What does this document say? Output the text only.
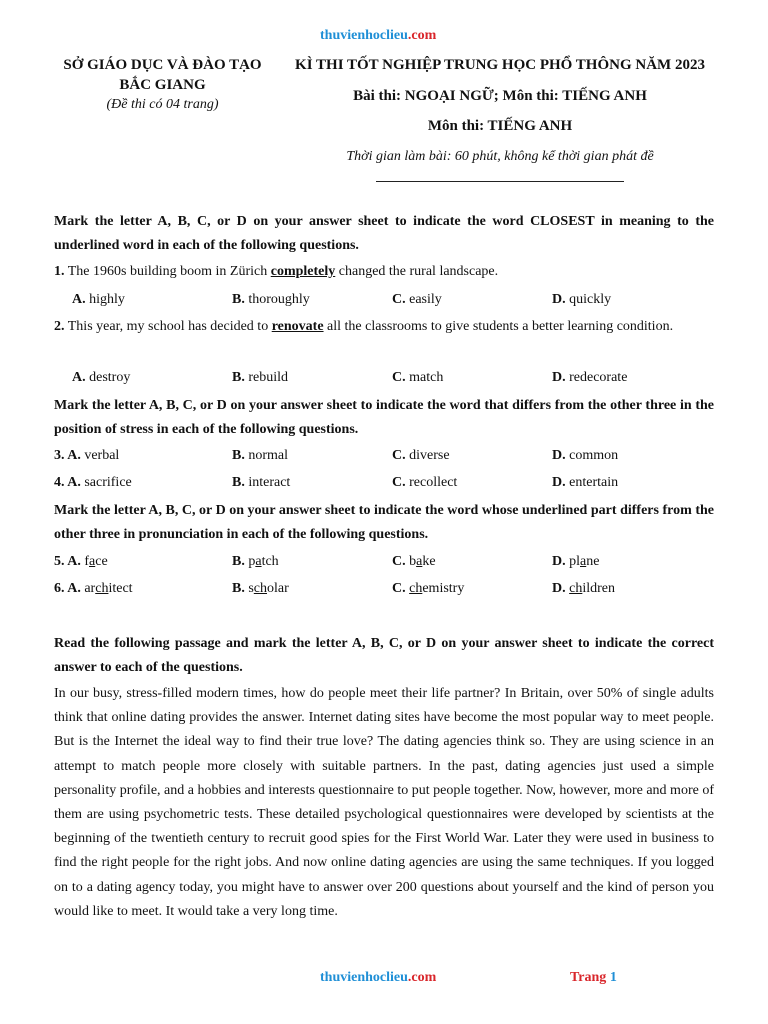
thuvienhoclieu.com
SỞ GIÁO DỤC VÀ ĐÀO TẠO
BẮC GIANG
(Đề thi có 04 trang)
KÌ THI TỐT NGHIỆP TRUNG HỌC PHỔ THÔNG NĂM 2023
Bài thi: NGOẠI NGỮ; Môn thi: TIẾNG ANH
Môn thi: TIẾNG ANH
Thời gian làm bài: 60 phút, không kể thời gian phát đề
Mark the letter A, B, C, or D on your answer sheet to indicate the word CLOSEST in meaning to the underlined word in each of the following questions.
1. The 1960s building boom in Zürich completely changed the rural landscape.
A. highly	B. thoroughly	C. easily	D. quickly
2. This year, my school has decided to renovate all the classrooms to give students a better learning condition.
A. destroy	B. rebuild	C. match	D. redecorate
Mark the letter A, B, C, or D on your answer sheet to indicate the word that differs from the other three in the position of stress in each of the following questions.
3. A. verbal	B. normal	C. diverse	D. common
4. A. sacrifice	B. interact	C. recollect	D. entertain
Mark the letter A, B, C, or D on your answer sheet to indicate the word whose underlined part differs from the other three in pronunciation in each of the following questions.
5. A. face	B. patch	C. bake	D. plane
6. A. architect	B. scholar	C. chemistry	D. children
Read the following passage and mark the letter A, B, C, or D on your answer sheet to indicate the correct answer to each of the questions.
In our busy, stress-filled modern times, how do people meet their life partner? In Britain, over 50% of single adults think that online dating provides the answer. Internet dating sites have become the most popular way to meet people. But is the Internet the ideal way to find their true love? The dating agencies think so. They are using science in an attempt to match people more closely with suitable partners. In the past, dating agencies just used a simple personality profile, and a hobbies and interests questionnaire to put people together. Now, however, more and more of them are using psychometric tests. These detailed psychological questionnaires were developed by scientists at the beginning of the twentieth century to recruit good spies for the First World War. Later they were used in business to find the right people for the right jobs. And now online dating agencies are using the same techniques. If you logged on to a dating agency today, you might have to answer over 200 questions about yourself and the kind of person you would like to meet. It would take a very long time.
thuvienhoclieu.com	Trang 1
